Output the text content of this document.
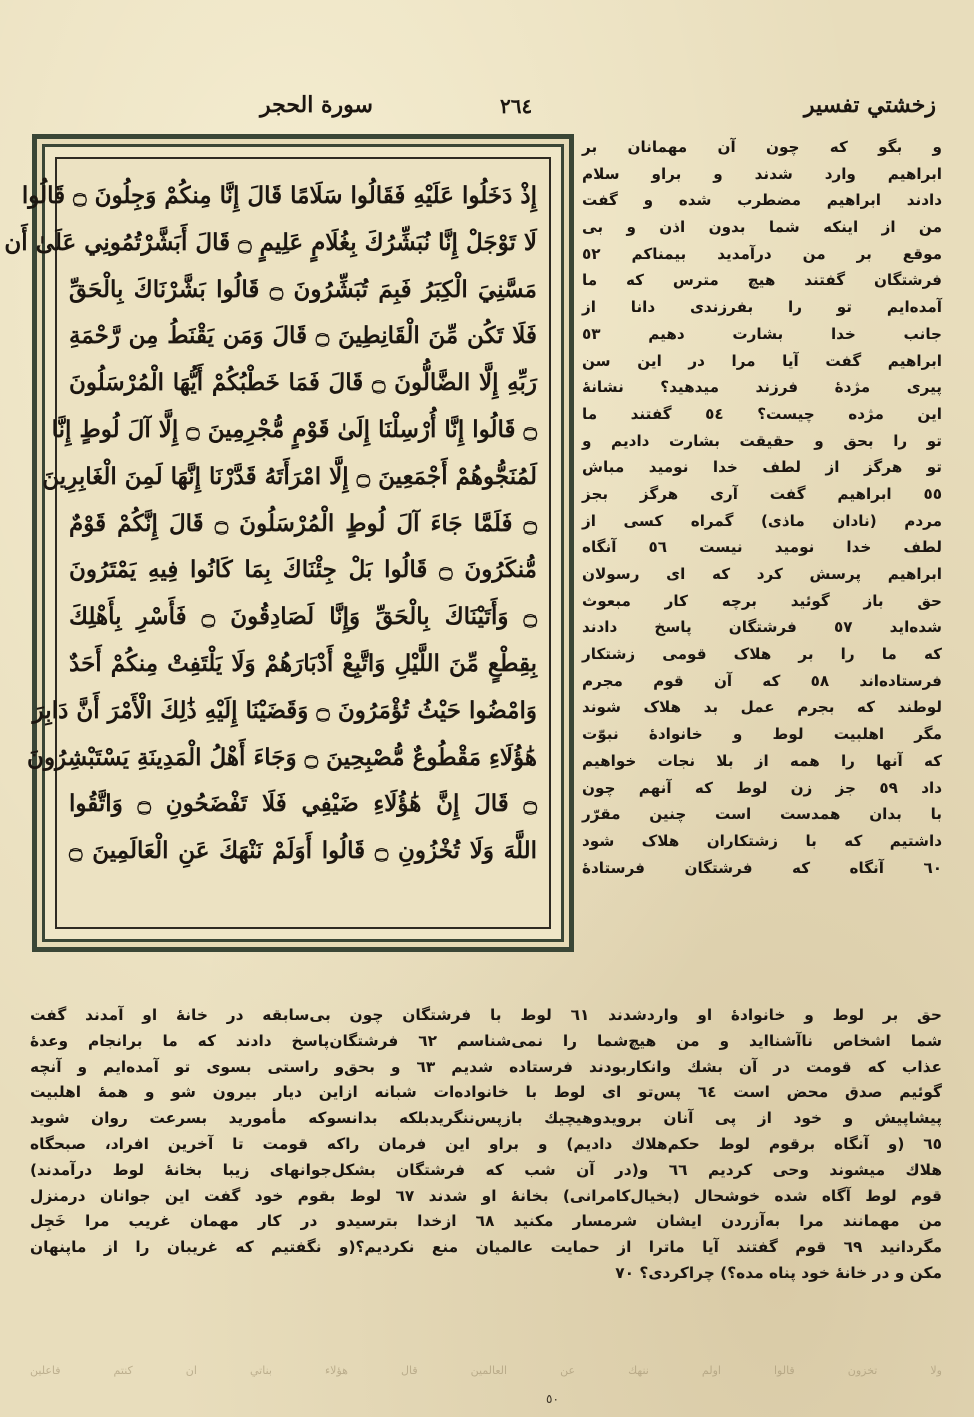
زخشتي تفسير
٢٦٤
سورة الحجر
إِذْ دَخَلُوا عَلَيْهِ فَقَالُوا سَلَامًا قَالَ إِنَّا مِنكُمْ وَجِلُونَ ۝ قَالُوا
لَا تَوْجَلْ إِنَّا نُبَشِّرُكَ بِغُلَامٍ عَلِيمٍ ۝ قَالَ أَبَشَّرْتُمُونِي عَلَىٰ أَن
مَسَّنِيَ الْكِبَرُ فَبِمَ تُبَشِّرُونَ ۝ قَالُوا بَشَّرْنَاكَ بِالْحَقِّ
فَلَا تَكُن مِّنَ الْقَانِطِينَ ۝ قَالَ وَمَن يَقْنَطُ مِن رَّحْمَةِ
رَبِّهِ إِلَّا الضَّالُّونَ ۝ قَالَ فَمَا خَطْبُكُمْ أَيُّهَا الْمُرْسَلُونَ
۝ قَالُوا إِنَّا أُرْسِلْنَا إِلَىٰ قَوْمٍ مُّجْرِمِينَ ۝ إِلَّا آلَ لُوطٍ إِنَّا
لَمُنَجُّوهُمْ أَجْمَعِينَ ۝ إِلَّا امْرَأَتَهُ قَدَّرْنَا إِنَّهَا لَمِنَ الْغَابِرِينَ
۝ فَلَمَّا جَاءَ آلَ لُوطٍ الْمُرْسَلُونَ ۝ قَالَ إِنَّكُمْ قَوْمٌ
مُّنكَرُونَ ۝ قَالُوا بَلْ جِئْنَاكَ بِمَا كَانُوا فِيهِ يَمْتَرُونَ
۝ وَأَتَيْنَاكَ بِالْحَقِّ وَإِنَّا لَصَادِقُونَ ۝ فَأَسْرِ بِأَهْلِكَ
بِقِطْعٍ مِّنَ اللَّيْلِ وَاتَّبِعْ أَدْبَارَهُمْ وَلَا يَلْتَفِتْ مِنكُمْ أَحَدٌ
وَامْضُوا حَيْثُ تُؤْمَرُونَ ۝ وَقَضَيْنَا إِلَيْهِ ذَٰلِكَ الْأَمْرَ أَنَّ دَابِرَ
هَٰؤُلَاءِ مَقْطُوعٌ مُّصْبِحِينَ ۝ وَجَاءَ أَهْلُ الْمَدِينَةِ يَسْتَبْشِرُونَ
۝ قَالَ إِنَّ هَٰؤُلَاءِ ضَيْفِي فَلَا تَفْضَحُونِ ۝ وَاتَّقُوا
اللَّهَ وَلَا تُخْزُونِ ۝ قَالُوا أَوَلَمْ نَنْهَكَ عَنِ الْعَالَمِينَ ۝
و بگو که چون آن مهمانان بر
ابراهیم وارد شدند و براو سلام
دادند ابراهیم مضطرب شده و گفت
من از اینکه شما بدون اذن و بی
موقع بر من درآمدید بیمناکم ٥٢
فرشتگان گفتند هیچ مترس که ما
آمده‌ایم تو را بفرزندی دانا از
جانب خدا بشارت دهیم ٥٣
ابراهیم گفت آیا مرا در این سن
پیری مژدهٔ فرزند میدهید؟ نشانهٔ
این مژده چیست؟ ٥٤ گفتند ما
تو را بحق و حقیقت بشارت دادیم و
تو هرگز از لطف خدا نومید مباش
٥٥ ابراهیم گفت آری هرگز بجز
مردم (نادان ماذی) گمراه کسی از
لطف خدا نومید نیست ٥٦ آنگاه
ابراهیم پرسش کرد که ای رسولان
حق باز گوئید برچه کار مبعوث
شده‌اید ٥٧ فرشتگان پاسخ دادند
که ما را بر هلاک قومی زشتکار
فرستاده‌اند ٥٨ که آن قوم مجرم
لوطند که بجرم عمل بد هلاک شوند
مگر اهلبیت لوط و خانوادهٔ نبوّت
که آنها را همه از بلا نجات خواهیم
داد ٥٩ جز زن لوط که آنهم چون
با بدان همدست است چنین مقرّر
داشتیم که با زشتکاران هلاک شود
٦٠ آنگاه که فرشتگان فرستادهٔ
حق بر لوط و خانوادهٔ او واردشدند ٦١ لوط با فرشتگان چون بی‌سابقه در خانهٔ او آمدند گفت
شما اشخاص ناآشنااید و من هیچ‌شما را نمی‌شناسم ٦٢ فرشتگان‌پاسخ دادند که ما برانجام وعدهٔ
عذاب که قومت در آن بشك وانکاربودند فرستاده شدیم ٦٣ و بحق‌و راستی بسوی تو آمده‌ایم و آنچه
گوئیم صدق محض است ٦٤ پس‌تو ای لوط با خانواده‌ات شبانه ازاین دیار بیرون شو و همهٔ اهلبیت
پیشاپیش و خود از پی آنان بروید‌وهیچیك بازپس‌ننگرید‌بلکه بدانسوکه مأمورید بسرعت روان شوید
٦٥ (و آنگاه برقوم لوط حکم‌هلاك دادیم) و براو این فرمان راکه قومت تا آخرین افراد، صبحگاه
هلاك میشوند وحی کردیم ٦٦ و(در آن شب که فرشتگان بشکل‌جوانهای زیبا بخانهٔ لوط درآمدند)
قوم لوط آگاه شده خوشحال (بخیال‌کامرانی) بخانهٔ او شدند ٦٧ لوط بقوم خود گفت این جوانان درمنزل
من مهمانند مرا به‌آزردن ایشان شرمسار مکنید ٦٨ ازخدا بترسیدو در کار مهمان غریب مرا خَجِل
مگردانید ٦٩ قوم گفتند آیا ماترا از حمایت عالمیان منع نکردیم؟(و نگفتیم که غریبان را از ماپنهان
مکن و در خانهٔ خود پناه مده؟) چراکردی؟ ٧٠
ولا تخزون قالوا اولم ننهك عن العالمين قال هؤلاء بناتي ان كنتم فاعلين
٥٠
